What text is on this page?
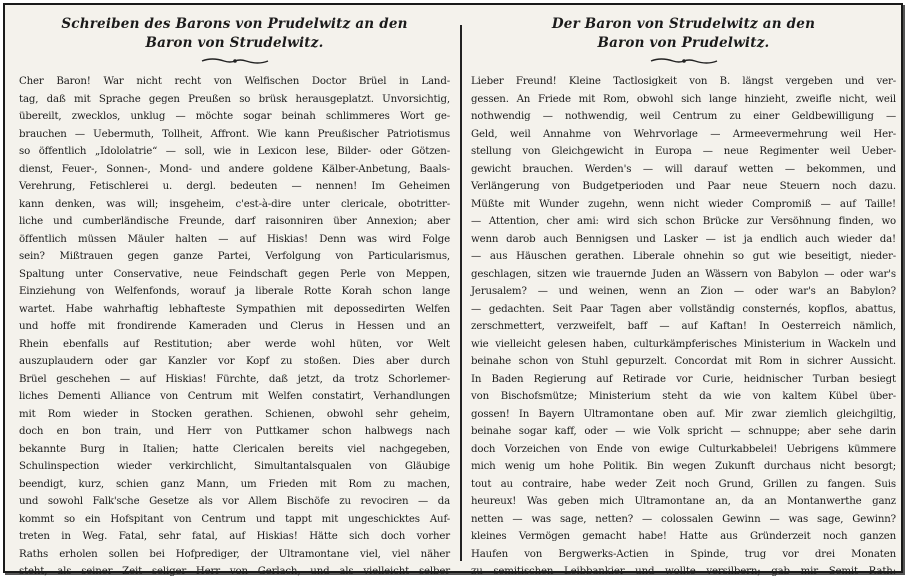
Schreiben des Barons von Prudelwitz an den
Baron von Strudelwitz.
Cher Baron! War nicht recht von Welfischen Doctor Brüel in Land-
tag, daß mit Sprache gegen Preußen so brüsk herausgeplatzt. Unvorsichtig,
übereilt, zwecklos, unklug — möchte sogar beinah schlimmeres Wort ge-
brauchen — Uebermuth, Tollheit, Affront. Wie kann Preußischer Patriotismus
so öffentlich „Idololatrie“ — soll, wie in Lexicon lese, Bilder- oder Götzen-
dienst, Feuer-, Sonnen-, Mond- und andere goldene Kälber-Anbetung, Baals-
Verehrung, Fetischlerei u. dergl. bedeuten — nennen! Im Geheimen
kann denken, was will; insgeheim, c'est-à-dire unter clericale, obotritter-
liche und cumberländische Freunde, darf raisonniren über Annexion; aber
öffentlich müssen Mäuler halten — auf Hiskias! Denn was wird Folge
sein? Mißtrauen gegen ganze Partei, Verfolgung von Particularismus,
Spaltung unter Conservative, neue Feindschaft gegen Perle von Meppen,
Einziehung von Welfenfonds, worauf ja liberale Rotte Korah schon lange
wartet. Habe wahrhaftig lebhafteste Sympathien mit depossedirten Welfen
und hoffe mit frondirende Kameraden und Clerus in Hessen und an
Rhein ebenfalls auf Restitution; aber werde wohl hüten, vor Welt
auszuplaudern oder gar Kanzler vor Kopf zu stoßen. Dies aber durch
Brüel geschehen — auf Hiskias! Fürchte, daß jetzt, da trotz Schorlemer-
liches Dementi Alliance von Centrum mit Welfen constatirt, Verhandlungen
mit Rom wieder in Stocken gerathen. Schienen, obwohl sehr geheim,
doch en bon train, und Herr von Puttkamer schon halbwegs nach
bekannte Burg in Italien; hatte Clericalen bereits viel nachgegeben,
Schulinspection wieder verkirchlicht, Simultantalsqualen von Gläubige
beendigt, kurz, schien ganz Mann, um Frieden mit Rom zu machen,
und sowohl Falk'sche Gesetze als vor Allem Bischöfe zu revociren — da
kommt so ein Hofspitant von Centrum und tappt mit ungeschicktes Auf-
treten in Weg. Fatal, sehr fatal, auf Hiskias! Hätte sich doch vorher
Raths erholen sollen bei Hofprediger, der Ultramontane viel, viel näher
steht, als seiner Zeit seliger Herr von Gerlach, und als vielleicht selber
Der Baron von Strudelwitz an den
Baron von Prudelwitz.
Lieber Freund! Kleine Tactlosigkeit von B. längst vergeben und ver-
gessen. An Friede mit Rom, obwohl sich lange hinzieht, zweifle nicht, weil
nothwendig — nothwendig, weil Centrum zu einer Geldbewilligung —
Geld, weil Annahme von Wehrvorlage — Armeevermehrung weil Her-
stellung von Gleichgewicht in Europa — neue Regimenter weil Ueber-
gewicht brauchen. Werden's — will darauf wetten — bekommen, und
Verlängerung von Budgetperioden und Paar neue Steuern noch dazu.
Müßte mit Wunder zugehn, wenn nicht wieder Compromiß — auf Taille!
— Attention, cher ami: wird sich schon Brücke zur Versöhnung finden, wo
wenn darob auch Bennigsen und Lasker — ist ja endlich auch wieder da!
— aus Häuschen gerathen. Liberale ohnehin so gut wie beseitigt, nieder-
geschlagen, sitzen wie trauernde Juden an Wässern von Babylon — oder war's
Jerusalem? — und weinen, wenn an Zion — oder war's an Babylon?
— gedachten. Seit Paar Tagen aber vollständig consternés, kopflos, abattus,
zerschmettert, verzweifelt, baff — auf Kaftan! In Oesterreich nämlich,
wie vielleicht gelesen haben, culturkämpferisches Ministerium in Wackeln und
beinahe schon von Stuhl gepurzelt. Concordat mit Rom in sichrer Aussicht.
In Baden Regierung auf Retirade vor Curie, heidnischer Turban besiegt
von Bischofsmütze; Ministerium steht da wie von kaltem Kübel über-
gossen! In Bayern Ultramontane oben auf. Mir zwar ziemlich gleichgiltig,
beinahe sogar kaff, oder — wie Volk spricht — schnuppe; aber sehe darin
doch Vorzeichen von Ende von ewige Culturkabbelei! Uebrigens kümmere
mich wenig um hohe Politik. Bin wegen Zukunft durchaus nicht besorgt;
tout au contraire, habe weder Zeit noch Grund, Grillen zu fangen. Suis
heureux! Was geben mich Ultramontane an, da an Montanwerthe ganz
netten — was sage, netten? — colossalen Gewinn — was sage, Gewinn?
kleines Vermögen gemacht habe! Hatte aus Gründerzeit noch ganzen
Haufen von Bergwerks-Actien in Spinde, trug vor drei Monaten
zu semitischen Leibbankier und wollte versilbern; gab mir Semit Rath:
